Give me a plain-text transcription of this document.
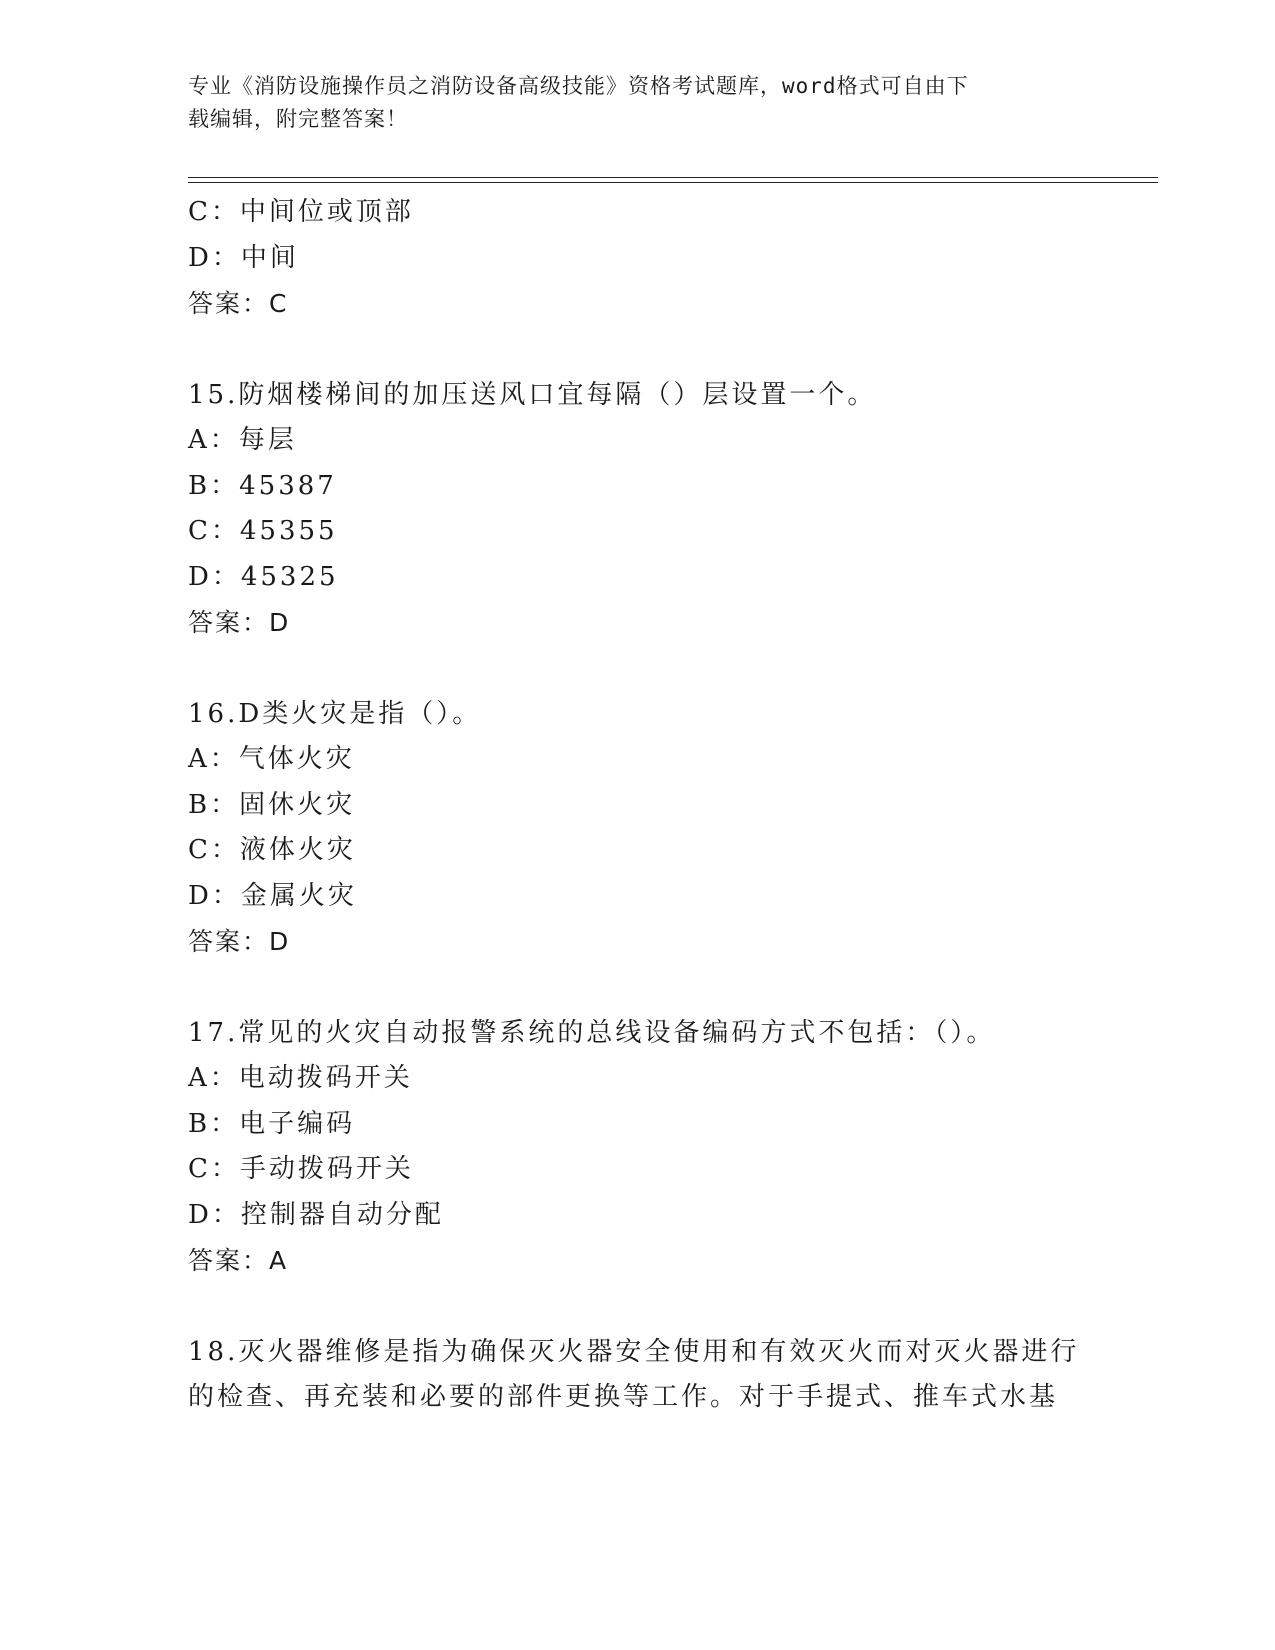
专业《消防设施操作员之消防设备高级技能》资格考试题库，word格式可自由下
载编辑，附完整答案！
C：中间位或顶部
D：中间
答案：C
15.防烟楼梯间的加压送风口宜每隔（）层设置一个。
A：每层
B：45387
C：45355
D：45325
答案：D
16.D类火灾是指（）。
A：气体火灾
B：固休火灾
C：液体火灾
D：金属火灾
答案：D
17.常见的火灾自动报警系统的总线设备编码方式不包括：（）。
A：电动拨码开关
B：电子编码
C：手动拨码开关
D：控制器自动分配
答案：A
18.灭火器维修是指为确保灭火器安全使用和有效灭火而对灭火器进行
的检查、再充装和必要的部件更换等工作。对于手提式、推车式水基
